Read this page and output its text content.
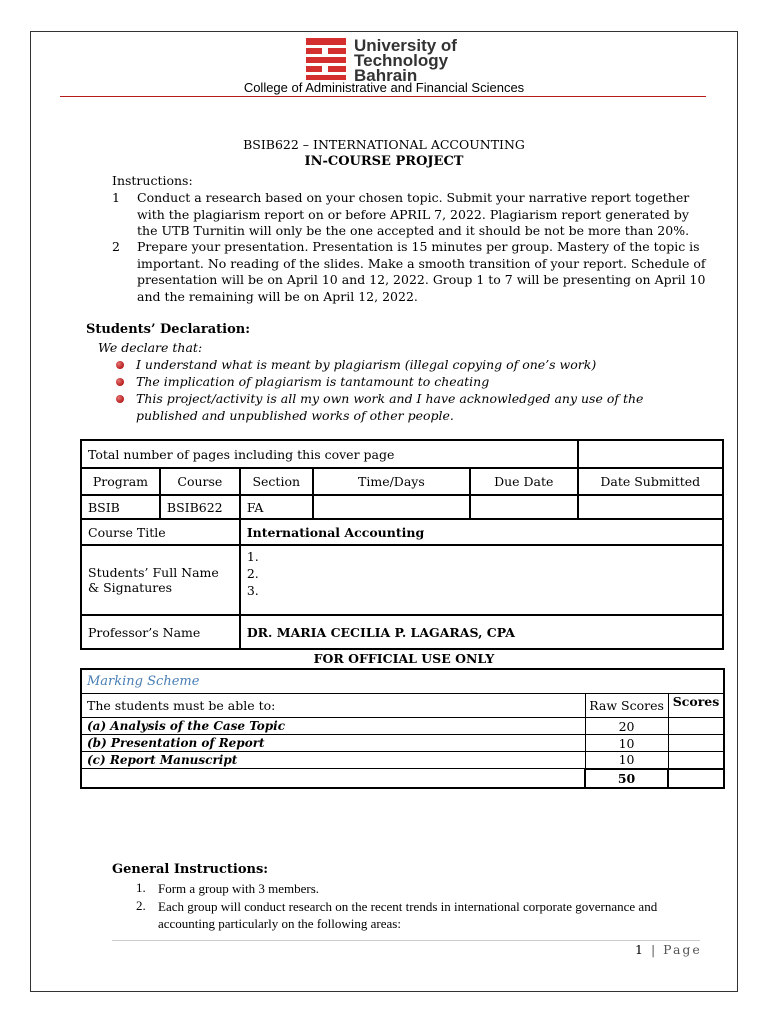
University of
Technology
Bahrain
College of Administrative and Financial Sciences
BSIB622 – INTERNATIONAL ACCOUNTING
IN-COURSE PROJECT
Instructions:
1 Conduct a research based on your chosen topic. Submit your narrative report together with the plagiarism report on or before APRIL 7, 2022. Plagiarism report generated by the UTB Turnitin will only be the one accepted and it should be not be more than 20%.
2 Prepare your presentation. Presentation is 15 minutes per group. Mastery of the topic is important. No reading of the slides. Make a smooth transition of your report. Schedule of presentation will be on April 10 and 12, 2022. Group 1 to 7 will be presenting on April 10 and the remaining will be on April 12, 2022.
Students’ Declaration:
We declare that:
I understand what is meant by plagiarism (illegal copying of one’s work)
The implication of plagiarism is tantamount to cheating
This project/activity is all my own work and I have acknowledged any use of the published and unpublished works of other people.
Total number of pages including this cover page					
Program	Course	Section	Time/Days	Due Date	Date Submitted
BSIB	BSIB622	FA			
Course Title		International Accounting			
Students’ Full Name & Signatures		1.
2.
3.			

Professor’s Name		DR. MARIA CECILIA P. LAGARAS, CPA			
FOR OFFICIAL USE ONLY
Marking Scheme		
The students must be able to:	Raw Scores	Scores
(a) Analysis of the Case Topic	20	
(b) Presentation of Report	10	
(c) Report Manuscript	10	
	50	
General Instructions:
1. Form a group with 3 members.
2. Each group will conduct research on the recent trends in international corporate governance and accounting particularly on the following areas:
1 | Page
